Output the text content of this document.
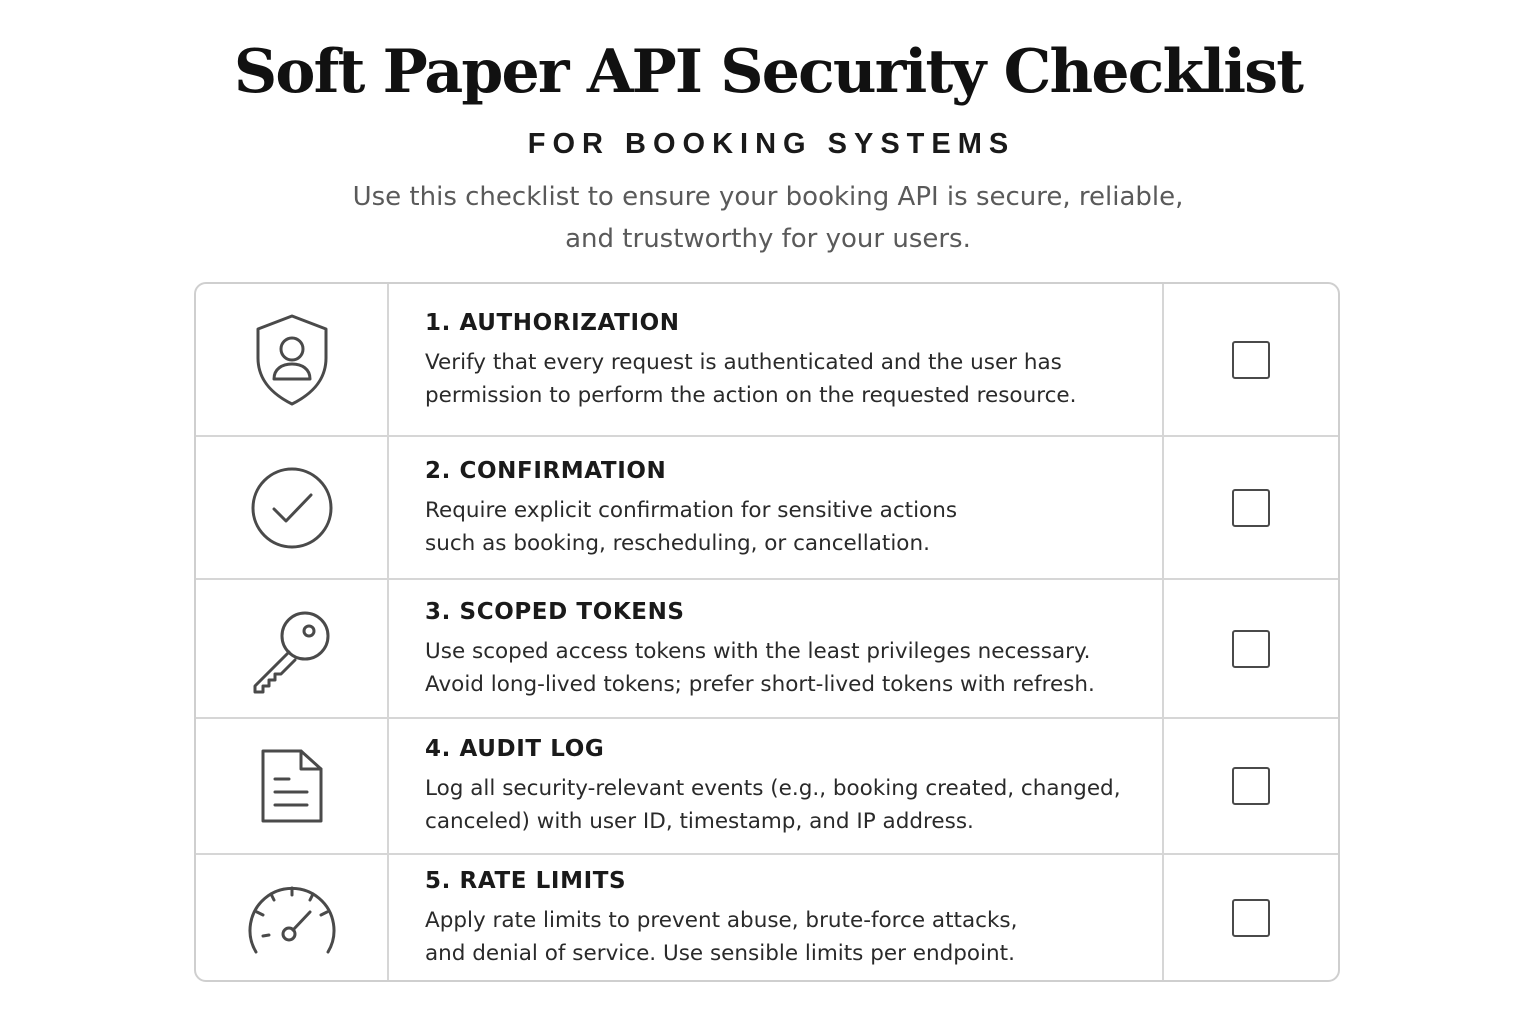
Soft Paper API Security Checklist
FOR BOOKING SYSTEMS
Use this checklist to ensure your booking API is secure, reliable,
and trustworthy for your users.
1. AUTHORIZATION
Verify that every request is authenticated and the user has
permission to perform the action on the requested resource.
2. CONFIRMATION
Require explicit confirmation for sensitive actions
such as booking, rescheduling, or cancellation.
3. SCOPED TOKENS
Use scoped access tokens with the least privileges necessary.
Avoid long-lived tokens; prefer short-lived tokens with refresh.
4. AUDIT LOG
Log all security-relevant events (e.g., booking created, changed,
canceled) with user ID, timestamp, and IP address.
5. RATE LIMITS
Apply rate limits to prevent abuse, brute-force attacks,
and denial of service. Use sensible limits per endpoint.
